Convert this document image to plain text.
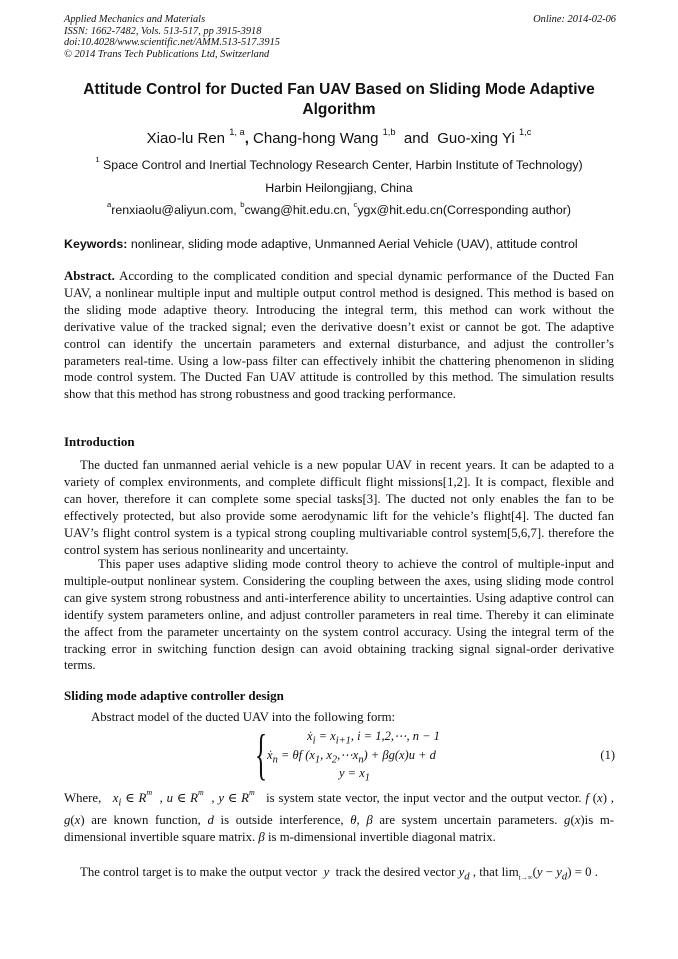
Applied Mechanics and Materials
ISSN: 1662-7482, Vols. 513-517, pp 3915-3918
doi:10.4028/www.scientific.net/AMM.513-517.3915
© 2014 Trans Tech Publications Ltd, Switzerland
Online: 2014-02-06
Attitude Control for Ducted Fan UAV Based on Sliding Mode Adaptive
Algorithm
Xiao-lu Ren $^{1, a}$, Chang-hong Wang $^{1,b}$ and Guo-xing Yi $^{1,c}$
$^1$ Space Control and Inertial Technology Research Center, Harbin Institute of Technology)
Harbin Heilongjiang, China
$^a$renxiaolu@aliyun.com, $^b$cwang@hit.edu.cn, $^c$ygx@hit.edu.cn(Corresponding author)
Keywords: nonlinear, sliding mode adaptive, Unmanned Aerial Vehicle (UAV), attitude control

Abstract. According to the complicated condition and special dynamic performance of the Ducted Fan UAV, a nonlinear multiple input and multiple output control method is designed. This method is based on the sliding mode adaptive theory. Introducing the integral term, this method can work without the derivative value of the tracked signal; even the derivative doesn’t exist or cannot be got. The adaptive control can identify the uncertain parameters and external disturbance, and adjust the controller’s parameters real-time. Using a low-pass filter can effectively inhibit the chattering phenomenon in sliding mode control system. The Ducted Fan UAV attitude is controlled by this method. The simulation results show that this method has strong robustness and good tracking performance.

Introduction

The ducted fan unmanned aerial vehicle is a new popular UAV in recent years. It can be adapted to a variety of complex environments, and complete difficult flight missions[1,2]. It is compact, flexible and can hover, therefore it can complete some special tasks[3]. The ducted not only enables the fan to be effectively protected, but also provide some aerodynamic lift for the vehicle’s flight[4]. The ducted fan UAV’s flight control system is a typical strong coupling multivariable control system[5,6,7]. therefore the control system has serious nonlinearity and uncertainty.

This paper uses adaptive sliding mode control theory to achieve the control of multiple-input and multiple-output nonlinear system. Considering the coupling between the axes, using sliding mode control can give system strong robustness and anti-interference ability to uncertainties. Using adaptive control can identify system parameters online, and adjust controller parameters in real time. Thereby it can eliminate the affect from the parameter uncertainty on the system control accuracy. Using the integral term of the tracking error in switching function design can avoid obtaining tracking signal signal-order derivative terms.

Sliding mode adaptive controller design

Abstract model of the ducted UAV into the following form:

{	ẋ$_i$ = $x_{i+1}$, i = 1,2,⋯, n − 1
ẋ$_n$ = θf ($x_1$, $x_2,\cdots x_n) + \beta g(x)u + d$
$y = x_1$
(1)

Where, $x_i$ ∈ $R^m$  , u ∈ $R^m$  , y ∈ $R^m$ is system state vector, the input vector and the output vector. f (x) , g(x) are known function, d is outside interference, θ, β are system uncertain parameters. g(x)is m-dimensional invertible square matrix. β is m-dimensional invertible diagonal matrix.

The control target is to make the output vector y track the desired vector $y_d$ , that $\lim_{t\to\infty}(y - y_d) = 0$ .
